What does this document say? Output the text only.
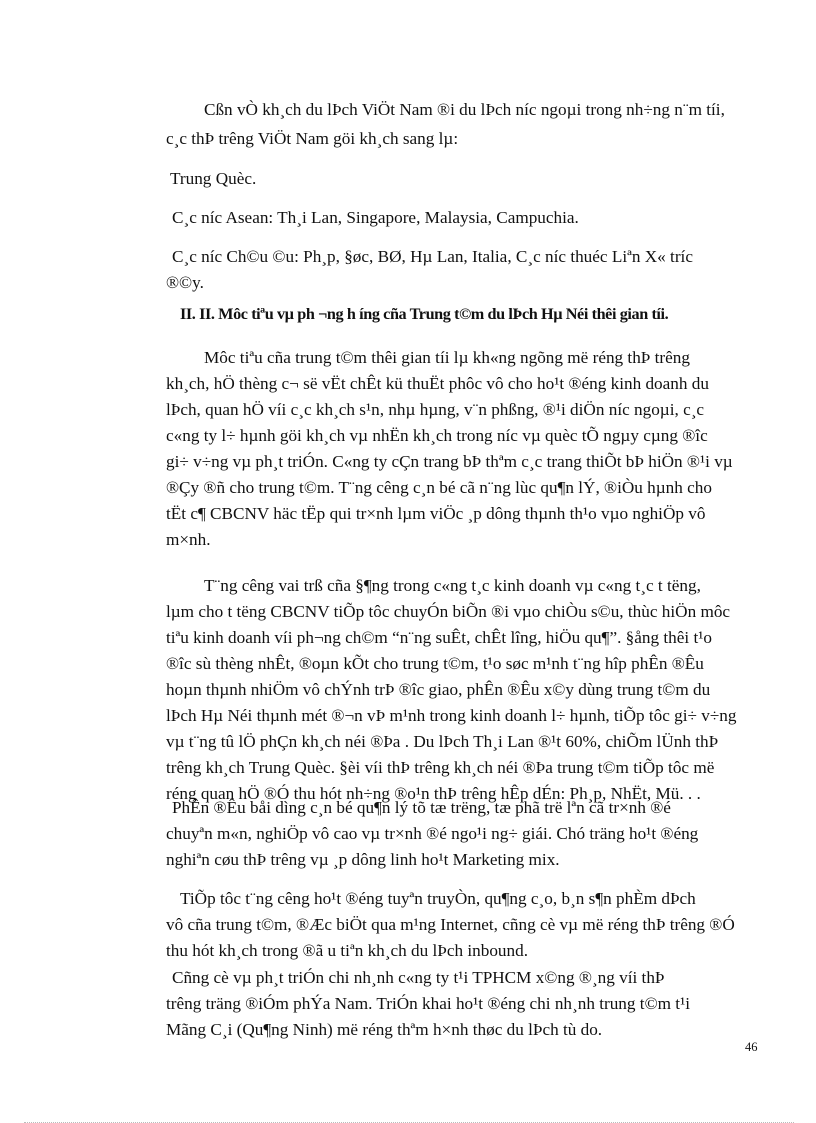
Cßn vÒ kh¸ch du lÞch ViÖt Nam ®i du lÞch níc ngoµi trong nh÷ng n¨m tíi,
c¸c thÞ trêng ViÖt Nam göi kh¸ch sang lµ:
Trung Quèc.
C¸c níc Asean: Th¸i Lan, Singapore, Malaysia, Campuchia.
C¸c níc Ch©u ©u: Ph¸p, §øc, BØ, Hµ Lan, Italia, C¸c níc thuéc Liªn X« tríc
®©y.
II. II. Môc tiªu vµ ph ¬ng h íng cña Trung t©m du lÞch Hµ Néi thêi gian tíi.
Môc tiªu cña trung t©m thêi gian tíi lµ kh«ng ngõng më réng thÞ trêng
kh¸ch, hÖ thèng c¬ së vËt chÊt kü thuËt phôc vô cho ho¹t ®éng kinh doanh du
lÞch, quan hÖ víi c¸c kh¸ch s¹n, nhµ hµng, v¨n phßng, ®¹i diÖn níc ngoµi, c¸c
c«ng ty l÷ hµnh göi kh¸ch vµ nhËn kh¸ch trong níc vµ quèc tÕ ngµy cµng ®îc
gi÷ v÷ng vµ ph¸t triÓn. C«ng ty cÇn trang bÞ thªm c¸c trang thiÕt bÞ hiÖn ®¹i vµ
®Çy ®ñ cho trung t©m. T¨ng cêng c¸n bé cã n¨ng lùc qu¶n lÝ, ®iÒu hµnh cho
tËt c¶ CBCNV häc tËp qui tr×nh lµm viÖc ¸p dông thµnh th¹o vµo nghiÖp vô
m×nh.
T¨ng cêng vai trß cña §¶ng trong c«ng t¸c kinh doanh vµ c«ng t¸c t tëng,
lµm cho t tëng CBCNV tiÕp tôc chuyÓn biÕn ®i vµo chiÒu s©u, thùc hiÖn môc
tiªu kinh doanh víi ph¬ng ch©m “n¨ng suÊt, chÊt lîng, hiÖu qu¶”. §ång thêi t¹o
®îc sù thèng nhÊt, ®oµn kÕt cho trung t©m, t¹o søc m¹nh t¨ng hîp phÊn ®Êu
hoµn thµnh nhiÖm vô chÝnh trÞ ®îc giao, phÊn ®Êu x©y dùng trung t©m du
lÞch Hµ Néi thµnh mét ®¬n vÞ m¹nh trong kinh doanh l÷ hµnh, tiÕp tôc gi÷ v÷ng
vµ t¨ng tû lÖ phÇn kh¸ch néi ®Þa . Du lÞch Th¸i Lan ®¹t 60%, chiÕm lÜnh thÞ
trêng kh¸ch Trung Quèc. §èi víi thÞ trêng kh¸ch néi ®Þa trung t©m tiÕp tôc më
réng quan hÖ ®Ó thu hót nh÷ng ®o¹n thÞ trêng hÊp dÉn: Ph¸p, NhËt, Mü. . .
PhÊn ®Êu båi dìng c¸n bé qu¶n lý tõ tæ trëng, tæ phã trë lªn cã tr×nh ®é
chuyªn m«n, nghiÖp vô cao vµ tr×nh ®é ngo¹i ng÷ giái. Chó träng ho¹t ®éng
nghiªn cøu thÞ trêng vµ ¸p dông linh ho¹t Marketing mix.
TiÕp tôc t¨ng cêng ho¹t ®éng tuyªn truyÒn, qu¶ng c¸o, b¸n s¶n phÈm dÞch
vô cña trung t©m, ®Æc biÖt qua m¹ng Internet, cñng cè vµ më réng thÞ trêng ®Ó
thu hót kh¸ch trong ®ã u tiªn kh¸ch du lÞch inbound.
Cñng cè vµ ph¸t triÓn chi nh¸nh c«ng ty t¹i TPHCM x©ng ®¸ng víi thÞ
trêng träng ®iÓm phÝa Nam. TriÓn khai ho¹t ®éng chi nh¸nh trung t©m t¹i
Mãng C¸i (Qu¶ng Ninh) më réng thªm h×nh thøc du lÞch tù do.
46
